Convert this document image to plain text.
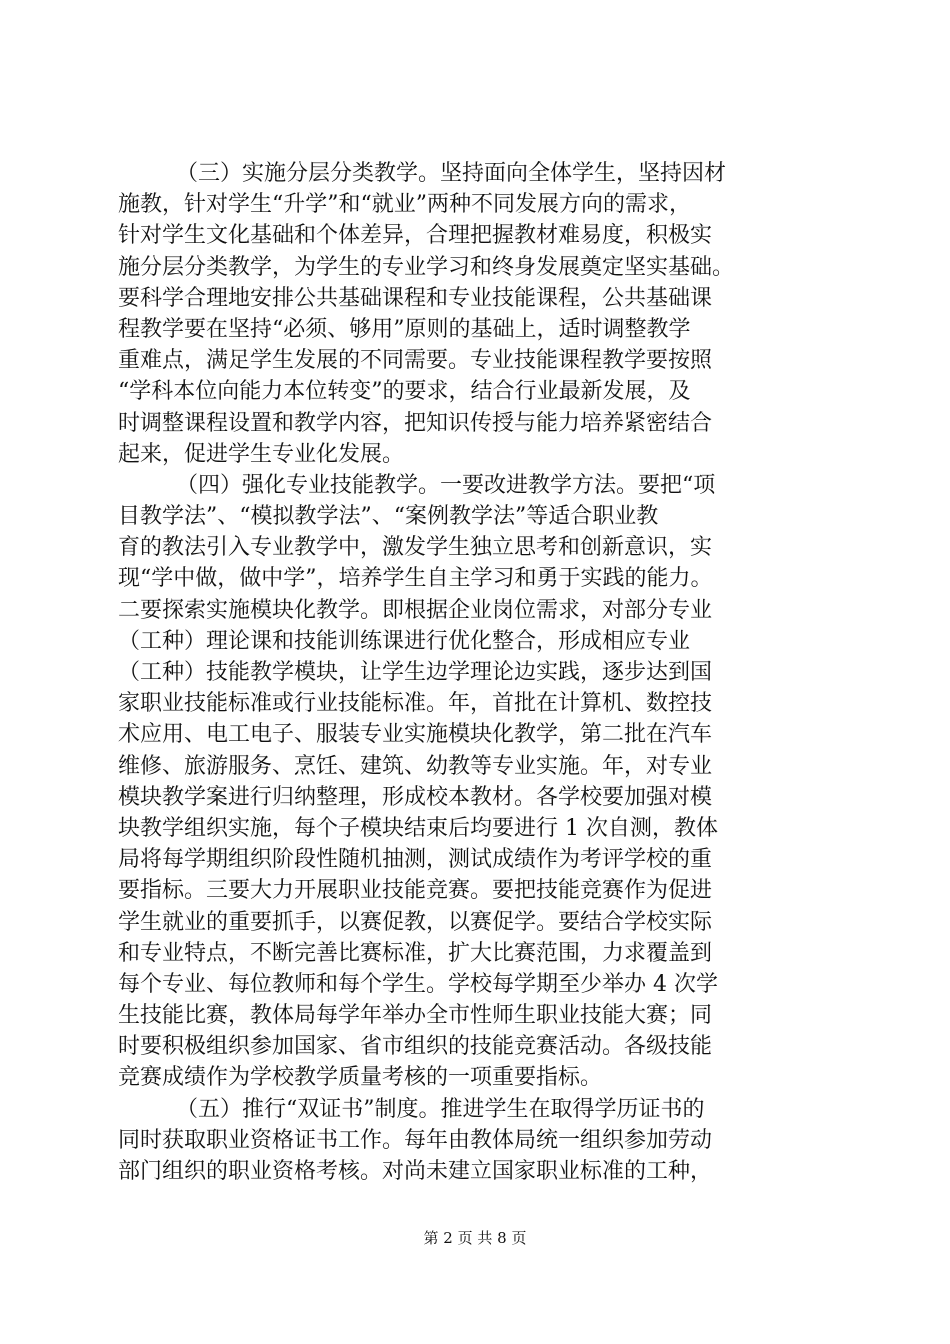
（三）实施分层分类教学。坚持面向全体学生，坚持因材
施教，针对学生“升学”和“就业”两种不同发展方向的需求，
针对学生文化基础和个体差异，合理把握教材难易度，积极实
施分层分类教学，为学生的专业学习和终身发展奠定坚实基础。
要科学合理地安排公共基础课程和专业技能课程，公共基础课
程教学要在坚持“必须、够用”原则的基础上，适时调整教学
重难点，满足学生发展的不同需要。专业技能课程教学要按照
“学科本位向能力本位转变”的要求，结合行业最新发展，及
时调整课程设置和教学内容，把知识传授与能力培养紧密结合
起来，促进学生专业化发展。
（四）强化专业技能教学。一要改进教学方法。要把“项
目教学法”、“模拟教学法”、“案例教学法”等适合职业教
育的教法引入专业教学中，激发学生独立思考和创新意识，实
现“学中做，做中学”，培养学生自主学习和勇于实践的能力。
二要探索实施模块化教学。即根据企业岗位需求，对部分专业
（工种）理论课和技能训练课进行优化整合，形成相应专业
（工种）技能教学模块，让学生边学理论边实践，逐步达到国
家职业技能标准或行业技能标准。年，首批在计算机、数控技
术应用、电工电子、服装专业实施模块化教学，第二批在汽车
维修、旅游服务、烹饪、建筑、幼教等专业实施。年，对专业
模块教学案进行归纳整理，形成校本教材。各学校要加强对模
块教学组织实施，每个子模块结束后均要进行 1 次自测，教体
局将每学期组织阶段性随机抽测，测试成绩作为考评学校的重
要指标。三要大力开展职业技能竞赛。要把技能竞赛作为促进
学生就业的重要抓手，以赛促教，以赛促学。要结合学校实际
和专业特点，不断完善比赛标准，扩大比赛范围，力求覆盖到
每个专业、每位教师和每个学生。学校每学期至少举办 4 次学
生技能比赛，教体局每学年举办全市性师生职业技能大赛；同
时要积极组织参加国家、省市组织的技能竞赛活动。各级技能
竞赛成绩作为学校教学质量考核的一项重要指标。
（五）推行“双证书”制度。推进学生在取得学历证书的
同时获取职业资格证书工作。每年由教体局统一组织参加劳动
部门组织的职业资格考核。对尚未建立国家职业标准的工种，
第 2 页 共 8 页
